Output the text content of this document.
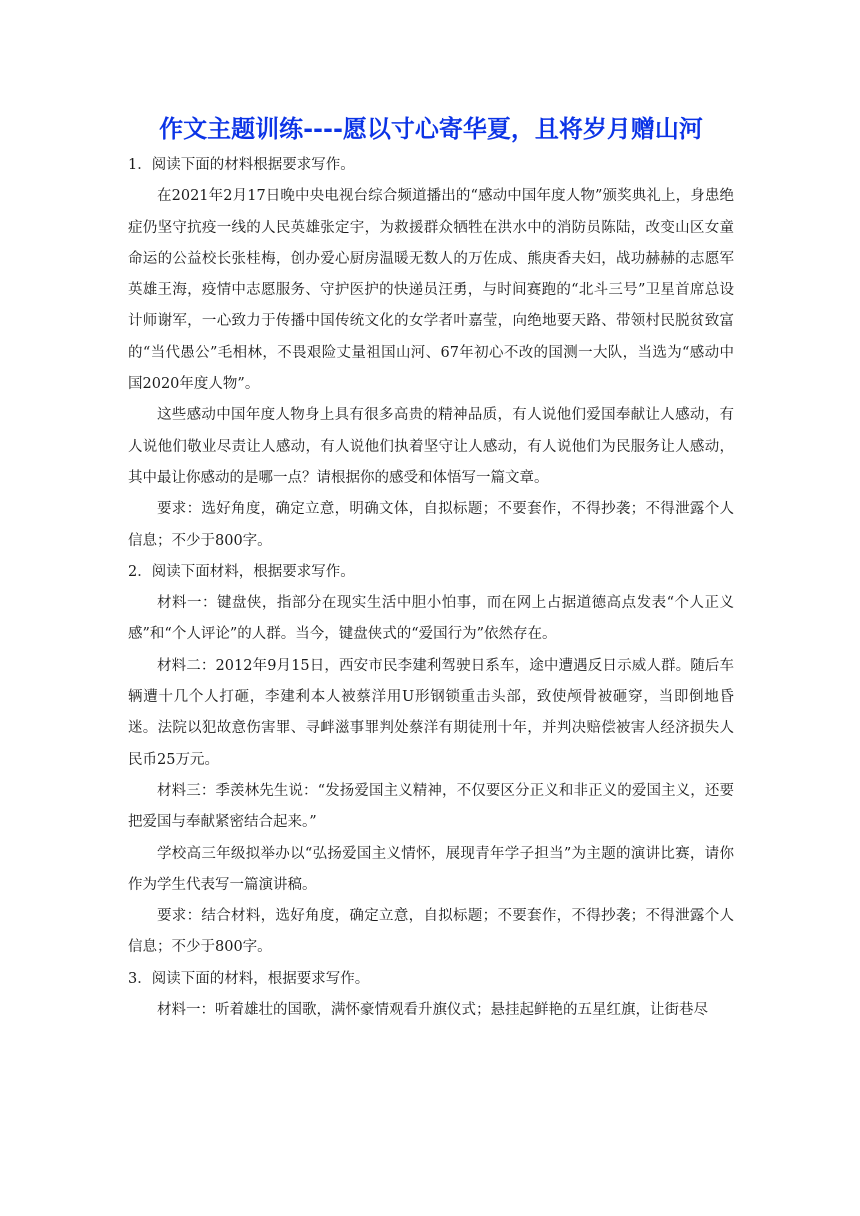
作文主题训练----愿以寸心寄华夏，且将岁月赠山河

1．阅读下面的材料根据要求写作。

在2021年2月17日晚中央电视台综合频道播出的“感动中国年度人物”颁奖典礼上，身患绝症仍坚守抗疫一线的人民英雄张定宇，为救援群众牺牲在洪水中的消防员陈陆，改变山区女童命运的公益校长张桂梅，创办爱心厨房温暖无数人的万佐成、熊庚香夫妇，战功赫赫的志愿军英雄王海，疫情中志愿服务、守护医护的快递员汪勇，与时间赛跑的“北斗三号”卫星首席总设计师谢军，一心致力于传播中国传统文化的女学者叶嘉莹，向绝地要天路、带领村民脱贫致富的“当代愚公”毛相林，不畏艰险丈量祖国山河、67年初心不改的国测一大队，当选为“感动中国2020年度人物”。

这些感动中国年度人物身上具有很多高贵的精神品质，有人说他们爱国奉献让人感动，有人说他们敬业尽责让人感动，有人说他们执着坚守让人感动，有人说他们为民服务让人感动，其中最让你感动的是哪一点？请根据你的感受和体悟写一篇文章。

要求：选好角度，确定立意，明确文体，自拟标题；不要套作，不得抄袭；不得泄露个人信息；不少于800字。

2．阅读下面材料，根据要求写作。

材料一：键盘侠，指部分在现实生活中胆小怕事，而在网上占据道德高点发表“个人正义感”和“个人评论”的人群。当今，键盘侠式的“爱国行为”依然存在。

材料二：2012年9月15日，西安市民李建利驾驶日系车，途中遭遇反日示威人群。随后车辆遭十几个人打砸，李建利本人被蔡洋用U形钢锁重击头部，致使颅骨被砸穿，当即倒地昏迷。法院以犯故意伤害罪、寻衅滋事罪判处蔡洋有期徒刑十年，并判决赔偿被害人经济损失人民币25万元。

材料三：季羡林先生说：“发扬爱国主义精神，不仅要区分正义和非正义的爱国主义，还要把爱国与奉献紧密结合起来。”

学校高三年级拟举办以“弘扬爱国主义情怀，展现青年学子担当”为主题的演讲比赛，请你作为学生代表写一篇演讲稿。

要求：结合材料，选好角度，确定立意，自拟标题；不要套作，不得抄袭；不得泄露个人信息；不少于800字。

3．阅读下面的材料，根据要求写作。

材料一：听着雄壮的国歌，满怀豪情观看升旗仪式；悬挂起鲜艳的五星红旗，让街巷尽
